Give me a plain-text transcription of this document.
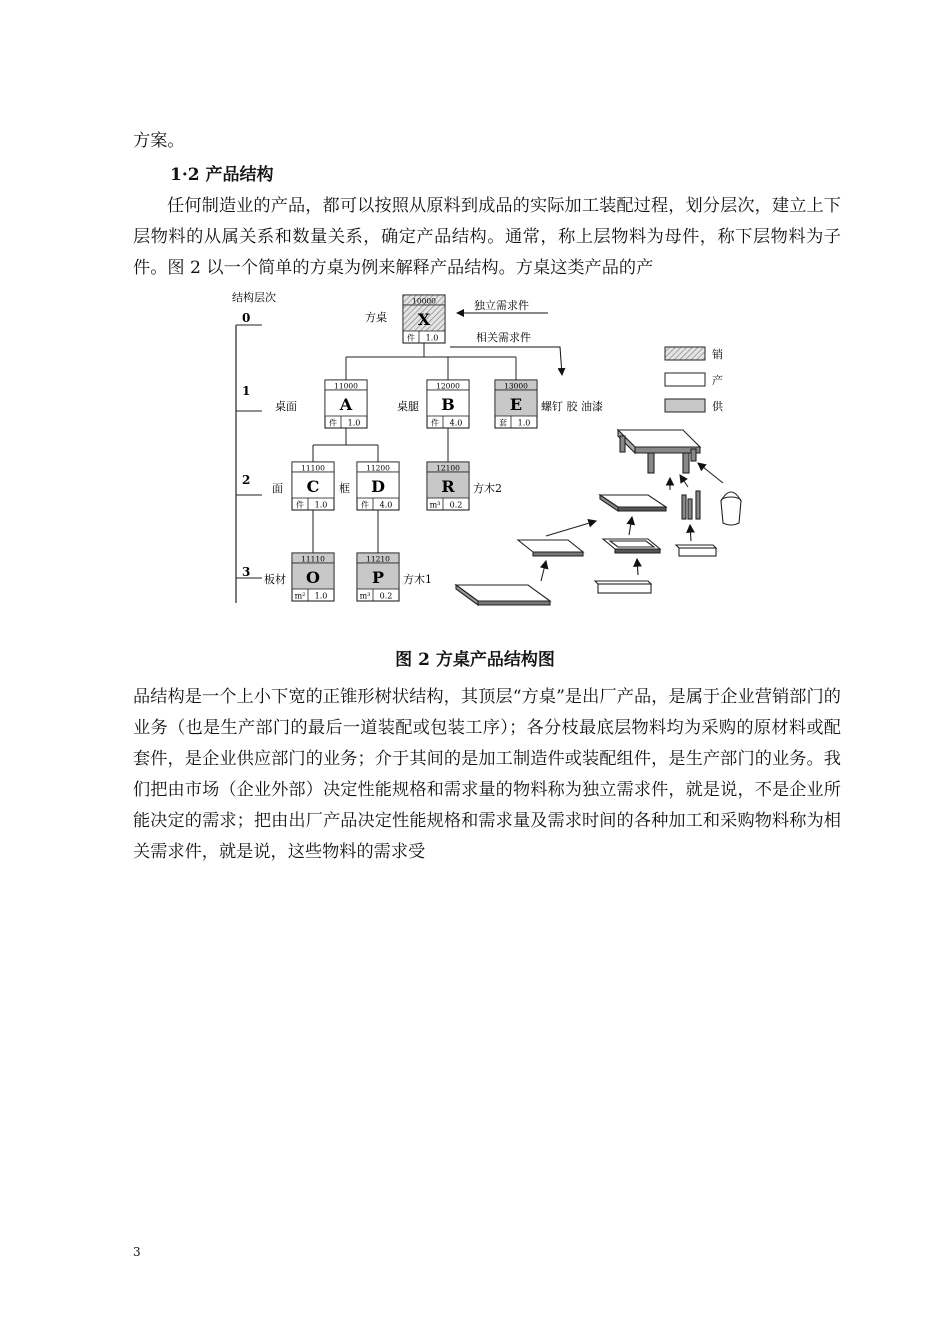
方案。

1·2 产品结构

任何制造业的产品，都可以按照从原料到成品的实际加工装配过程，划分层次，建立上下层物料的从属关系和数量关系，确定产品结构。通常，称上层物料为母件，称下层物料为子件。图 2 以一个简单的方桌为例来解释产品结构。方桌这类产品的产

结构层次
0
1
2
3
独立需求件
相关需求件
10000
X
件 1.0
方桌
11000
A
件 1.0
桌面
12000
B
件 4.0
桌腿
13000
E
套 1.0
螺钉 胶 油漆
11100
C
件 1.0
面
11200
D
件 4.0
框
12100
R
m³ 0.2
方木2
11110
O
m² 1.0
板材
11210
P
m³ 0.2
方木1
销
产
供

图 2 方桌产品结构图

品结构是一个上小下宽的正锥形树状结构，其顶层“方桌”是出厂产品，是属于企业营销部门的业务（也是生产部门的最后一道装配或包装工序）；各分枝最底层物料均为采购的原材料或配套件，是企业供应部门的业务；介于其间的是加工制造件或装配组件，是生产部门的业务。我们把由市场（企业外部）决定性能规格和需求量的物料称为独立需求件，就是说，不是企业所能决定的需求；把由出厂产品决定性能规格和需求量及需求时间的各种加工和采购物料称为相关需求件，就是说，这些物料的需求受

3
